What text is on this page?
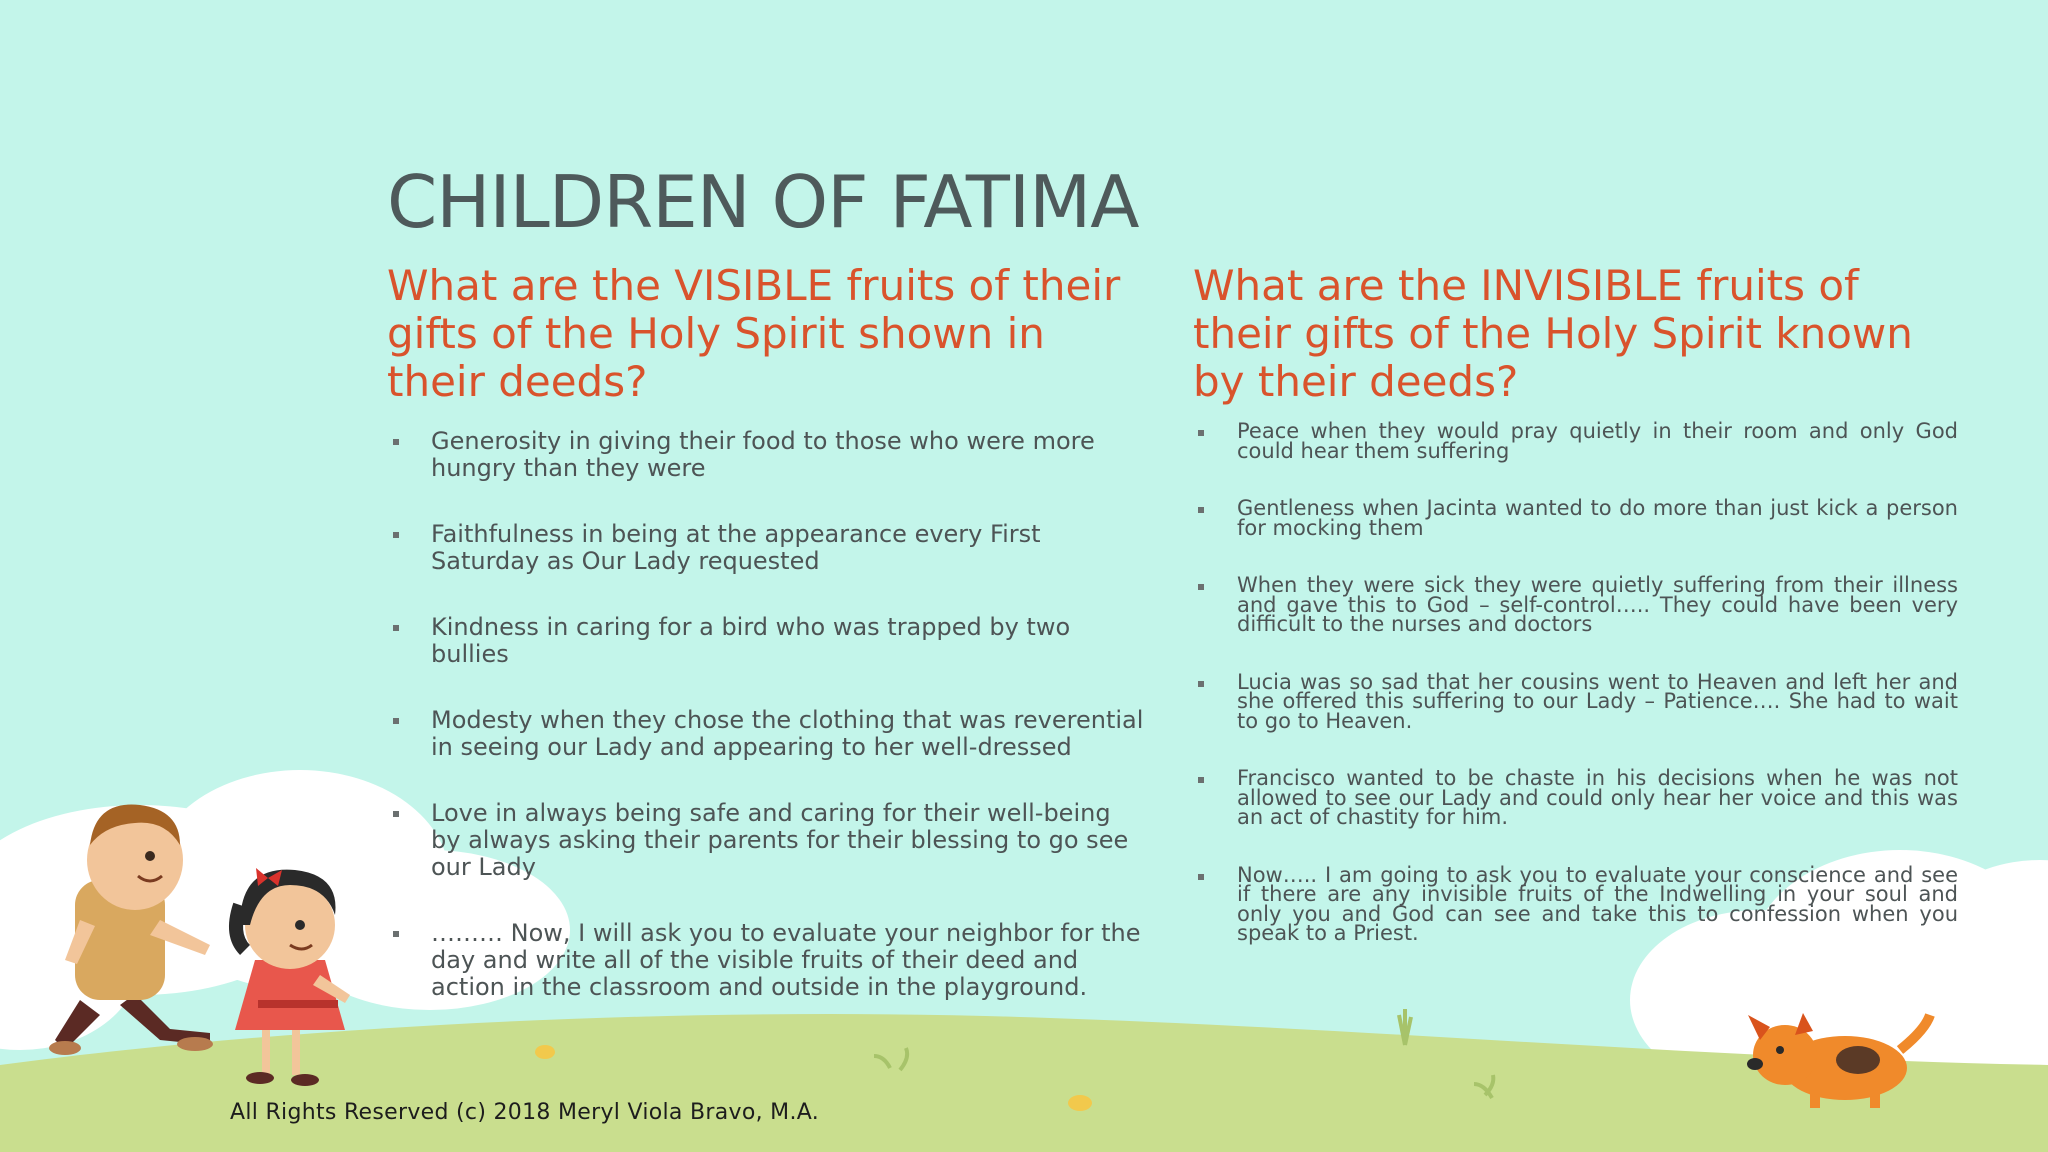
CHILDREN OF FATIMA
What are the VISIBLE fruits of their gifts of the Holy Spirit shown in their deeds?
Generosity in giving their food to those who were more hungry than they were
Faithfulness in being at the appearance every First Saturday as Our Lady requested
Kindness in caring for a bird who was trapped by two bullies
Modesty when they chose the clothing that was reverential in seeing our Lady and appearing to her well-dressed
Love in always being safe and caring for their well-being by always asking their parents for their blessing to go see our Lady
……… Now, I will ask you to evaluate your neighbor for the day and write all of the visible fruits of their deed and action in the classroom and outside in the playground.
What are the INVISIBLE fruits of their gifts of the Holy Spirit known by their deeds?
Peace when they would pray quietly in their room and only God could hear them suffering
Gentleness when Jacinta wanted to do more than just kick a person for mocking them
When they were sick they were quietly suffering from their illness and gave this to God – self-control….. They could have been very difficult to the nurses and doctors
Lucia was so sad that her cousins went to Heaven and left her and she offered this suffering to our Lady – Patience…. She had to wait to go to Heaven.
Francisco wanted to be chaste in his decisions when he was not allowed to see our Lady and could only hear her voice and this was an act of chastity for him.
Now….. I am going to ask you to evaluate your conscience and see if there are any invisible fruits of the Indwelling in your soul and only you and God can see and take this to confession when you speak to a Priest.
All Rights Reserved (c) 2018 Meryl Viola Bravo, M.A.
